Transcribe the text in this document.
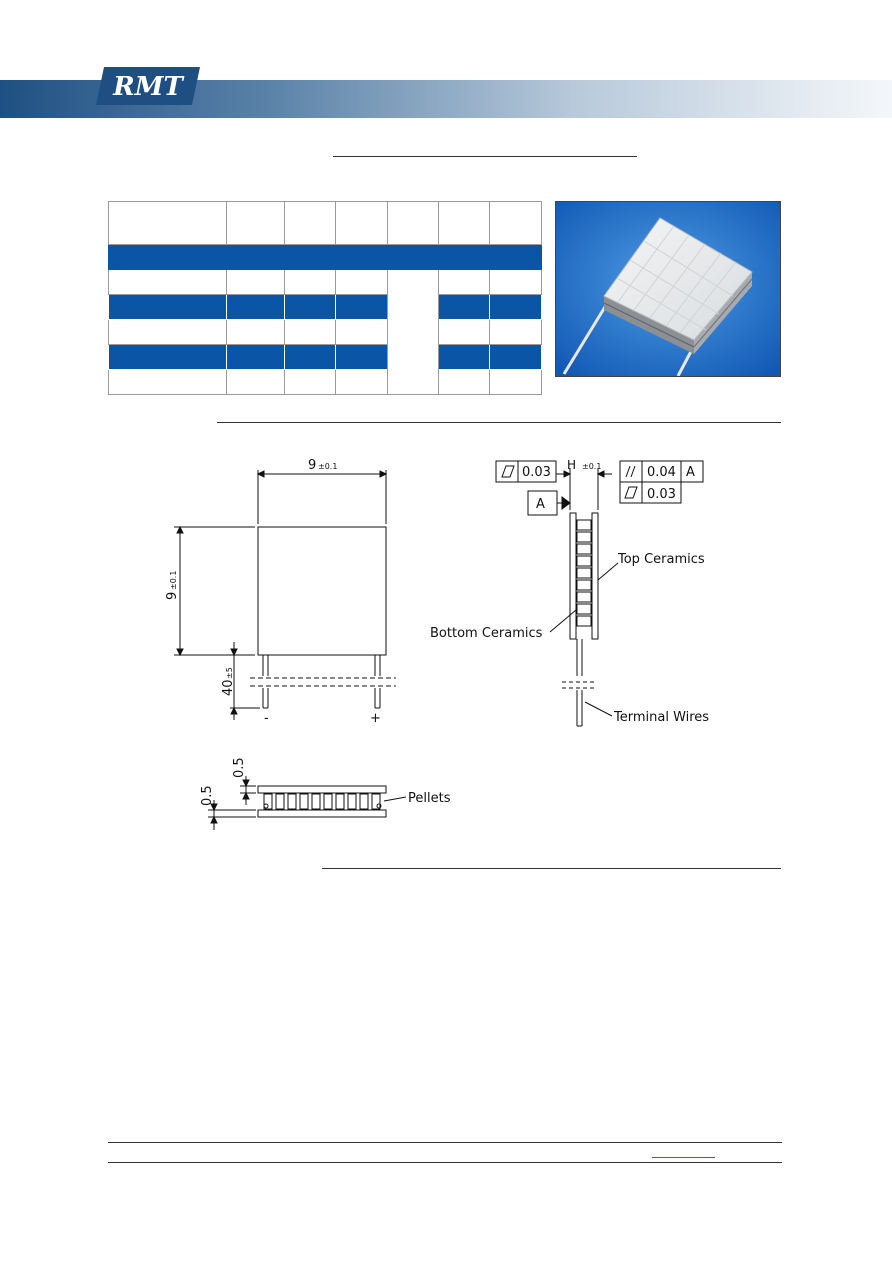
RMT

9 ±0.1
9
±0.1
40
±5
-	+
0.03 H ±0.1	0.04 A
0.03
A
Top Ceramics
Bottom Ceramics
Terminal Wires
0.5
0.5	Pellets
